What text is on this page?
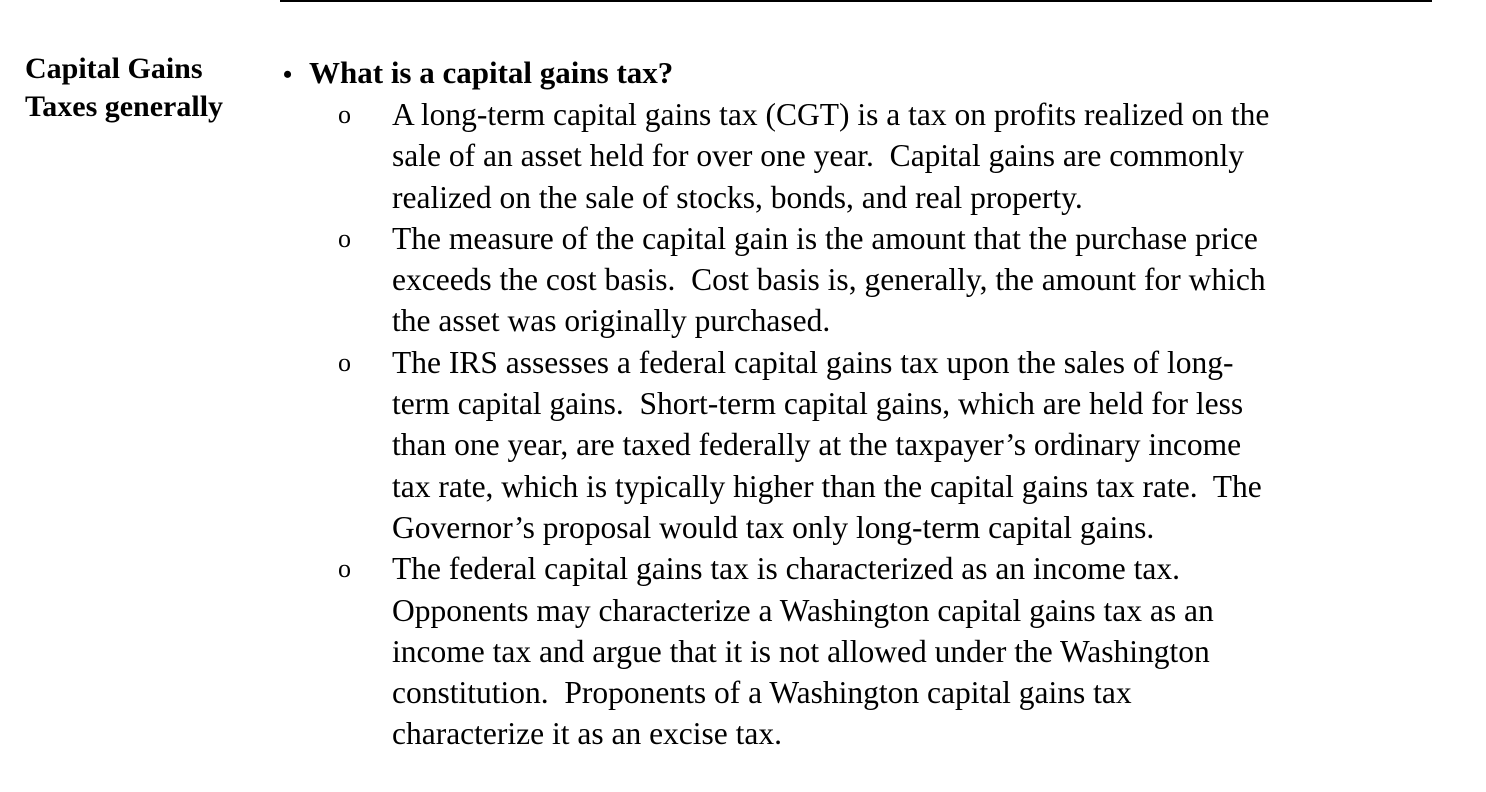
Capital Gains
Taxes generally
• What is a capital gains tax?
o A long-term capital gains tax (CGT) is a tax on profits realized on the
sale of an asset held for over one year.  Capital gains are commonly
realized on the sale of stocks, bonds, and real property.
o The measure of the capital gain is the amount that the purchase price
exceeds the cost basis.  Cost basis is, generally, the amount for which
the asset was originally purchased.
o The IRS assesses a federal capital gains tax upon the sales of long-
term capital gains.  Short-term capital gains, which are held for less
than one year, are taxed federally at the taxpayer’s ordinary income
tax rate, which is typically higher than the capital gains tax rate.  The
Governor’s proposal would tax only long-term capital gains.
o The federal capital gains tax is characterized as an income tax.
Opponents may characterize a Washington capital gains tax as an
income tax and argue that it is not allowed under the Washington
constitution.  Proponents of a Washington capital gains tax
characterize it as an excise tax.
